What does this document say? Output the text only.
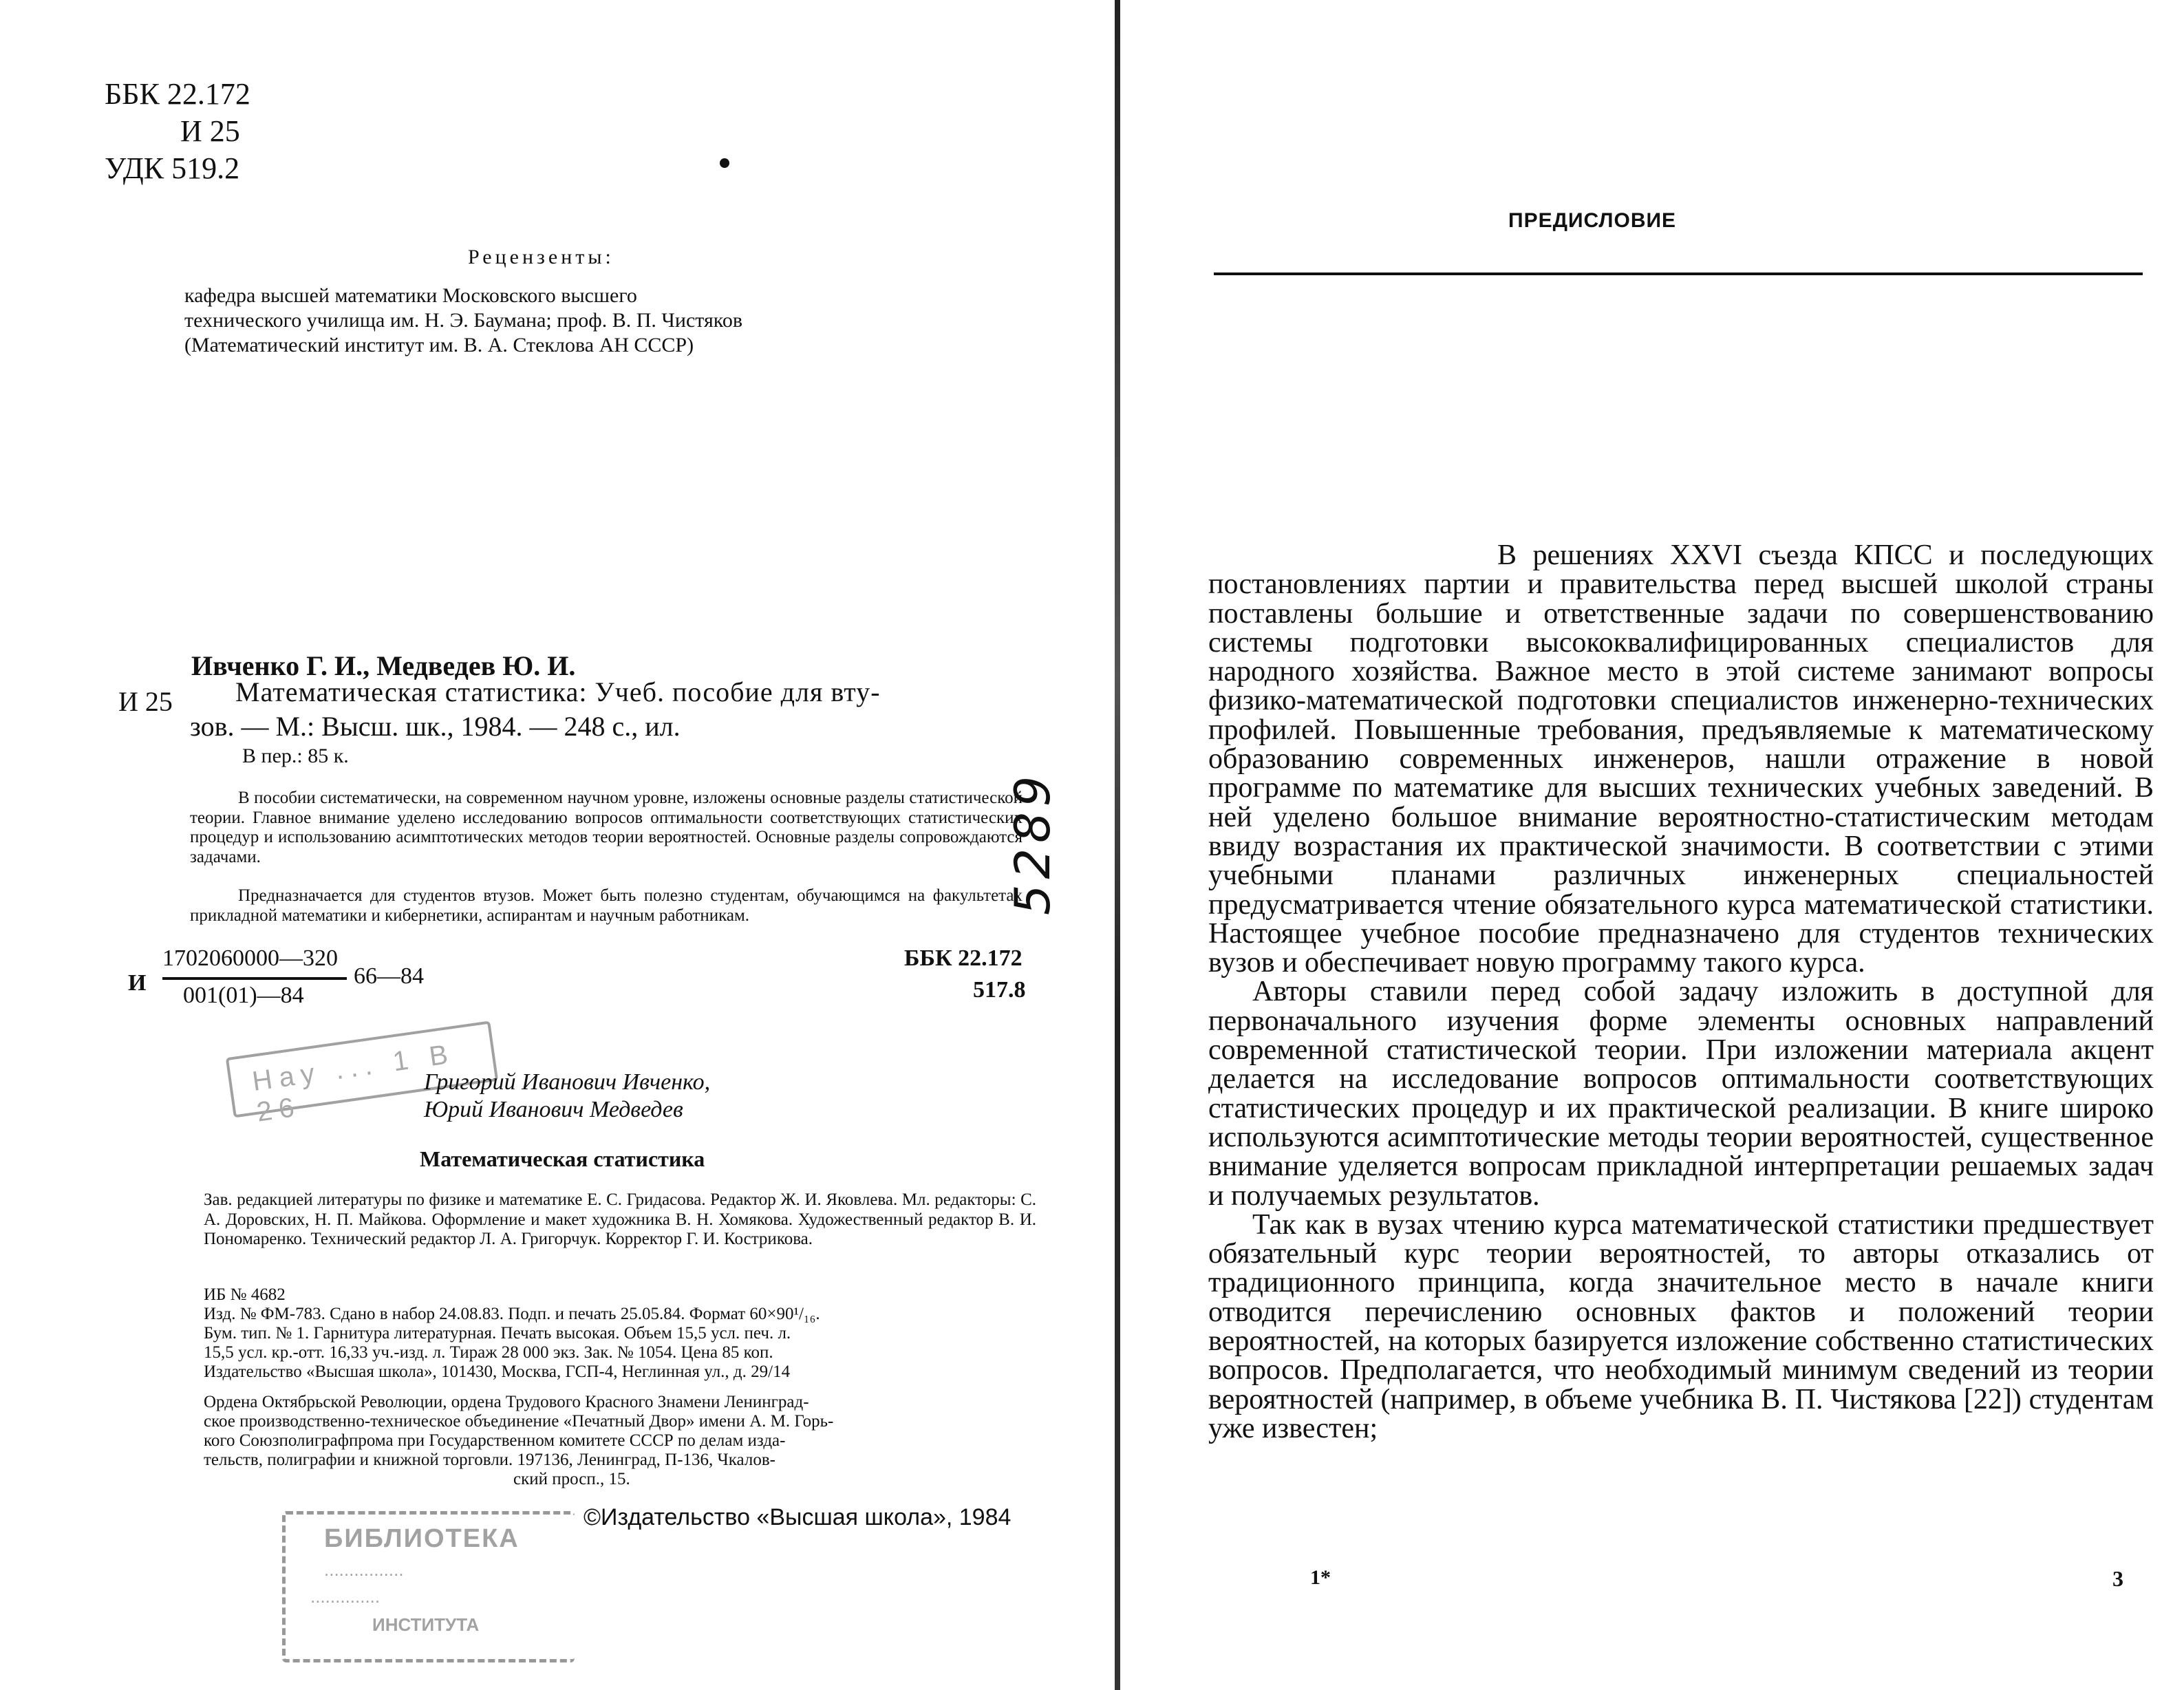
ББК 22.172
И 25
УДК 519.2
Рецензенты:
кафедра высшей математики Московского высшего
технического училища им. Н. Э. Баумана; проф. В. П. Чистяков
(Математический институт им. В. А. Стеклова АН СССР)
Ивченко Г. И., Медведев Ю. И.
И 25 Математическая статистика: Учеб. пособие для вту-
зов. — М.: Высш. шк., 1984. — 248 с., ил.
В пер.: 85 к.
В пособии систематически, на современном научном уровне, изложены основные разделы статистической теории. Главное внимание уделено исследованию вопросов оптимальности соответствующих статистических процедур и использованию асимптотических методов теории вероятностей. Основные разделы сопровождаются задачами.
Предназначается для студентов втузов. Может быть полезно студентам, обучающимся на факультетах прикладной математики и кибернетики, аспирантам и научным работникам.	5289
И
1702060000—320
001(01)—84
66—84
ББК 22.172
517.8
Нау ... 1 В 26
Григорий Иванович Ивченко,
Юрий Иванович Медведев
Математическая статистика
Зав. редакцией литературы по физике и математике Е. С. Гридасова. Редактор Ж. И. Яковлева. Мл. редакторы: С. А. Доровских, Н. П. Майкова. Оформление и макет художника В. Н. Хомякова. Художественный редактор В. И. Пономаренко. Технический редактор Л. А. Григорчук. Корректор Г. И. Кострикова.
ИБ № 4682
Изд. № ФМ-783. Сдано в набор 24.08.83. Подп. и печать 25.05.84. Формат 60×90¹/₁₆.
Бум. тип. № 1. Гарнитура литературная. Печать высокая. Объем 15,5 усл. печ. л.
15,5 усл. кр.-отт. 16,33 уч.-изд. л. Тираж 28 000 экз. Зак. № 1054. Цена 85 коп.
Издательство «Высшая школа», 101430, Москва, ГСП-4, Неглинная ул., д. 29/14
Ордена Октябрьской Революции, ордена Трудового Красного Знамени Ленинград-
ское производственно-техническое объединение «Печатный Двор» имени А. М. Горь-
кого Союзполиграфпрома при Государственном комитете СССР по делам изда-
тельств, полиграфии и книжной торговли. 197136, Ленинград, П-136, Чкалов-
ский просп., 15.
©Издательство «Высшая школа», 1984
БИБЛИОТЕКА
................
..............
ИНСТИТУТА
ПРЕДИСЛОВИЕ

В решениях XXVI съезда КПСС и последующих постановлениях партии и правительства перед высшей школой страны поставлены большие и ответственные задачи по совершенствованию системы подготовки высококвалифицированных специалистов для народного хозяйства. Важное место в этой системе занимают вопросы физико-математической подготовки специалистов инженерно-технических профилей. Повышенные требования, предъявляемые к математическому образованию современных инженеров, нашли отражение в новой программе по математике для высших технических учебных заведений. В ней уделено большое внимание вероятностно-статистическим методам ввиду возрастания их практической значимости. В соответствии с этими учебными планами различных инженерных специальностей предусматривается чтение обязательного курса математической статистики. Настоящее учебное пособие предназначено для студентов технических вузов и обеспечивает новую программу такого курса.

Авторы ставили перед собой задачу изложить в доступной для первоначального изучения форме элементы основных направлений современной статистической теории. При изложении материала акцент делается на исследование вопросов оптимальности соответствующих статистических процедур и их практической реализации. В книге широко используются асимптотические методы теории вероятностей, существенное внимание уделяется вопросам прикладной интерпретации решаемых задач и получаемых результатов.

Так как в вузах чтению курса математической статистики предшествует обязательный курс теории вероятностей, то авторы отказались от традиционного принципа, когда значительное место в начале книги отводится перечислению основных фактов и положений теории вероятностей, на которых базируется изложение собственно статистических вопросов. Предполагается, что необходимый минимум сведений из теории вероятностей (например, в объеме учебника В. П. Чистякова [22]) студентам уже известен;

1*	3
